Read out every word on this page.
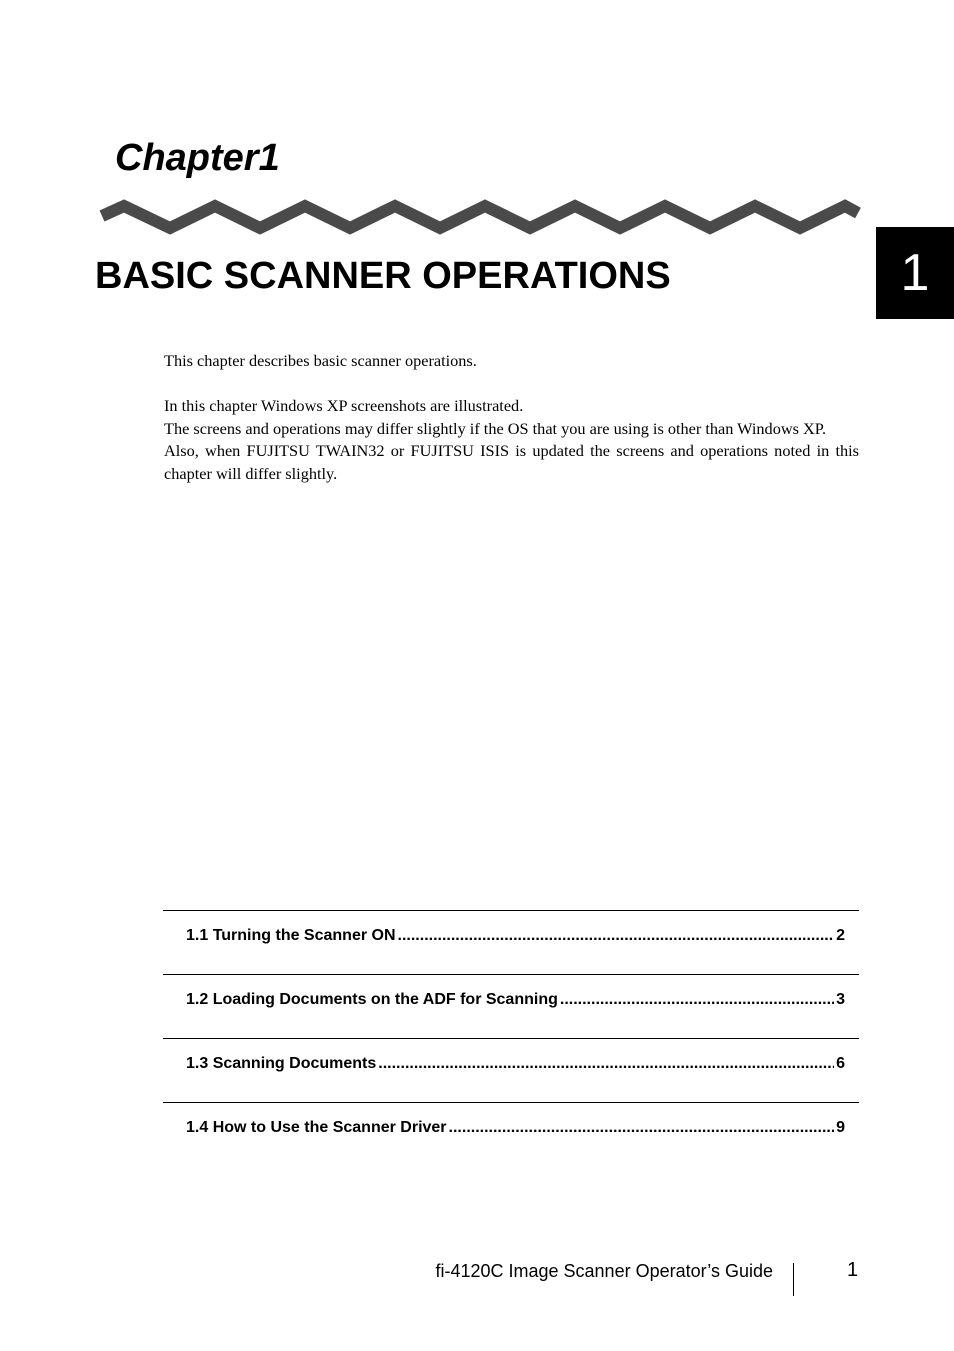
Chapter1
BASIC SCANNER OPERATIONS	1

This chapter describes basic scanner operations.

In this chapter Windows XP screenshots are illustrated.

The screens and operations may differ slightly if the OS that you are using is other than Windows XP.

Also, when FUJITSU TWAIN32 or FUJITSU ISIS is updated the screens and operations noted in this chapter will differ slightly.

1.1 Turning the Scanner ON .....	2
1.2 Loading Documents on the ADF for Scanning .....	3
1.3 Scanning Documents .....	6
1.4 How to Use the Scanner Driver .....	9
fi-4120C Image Scanner Operator’s Guide	1
